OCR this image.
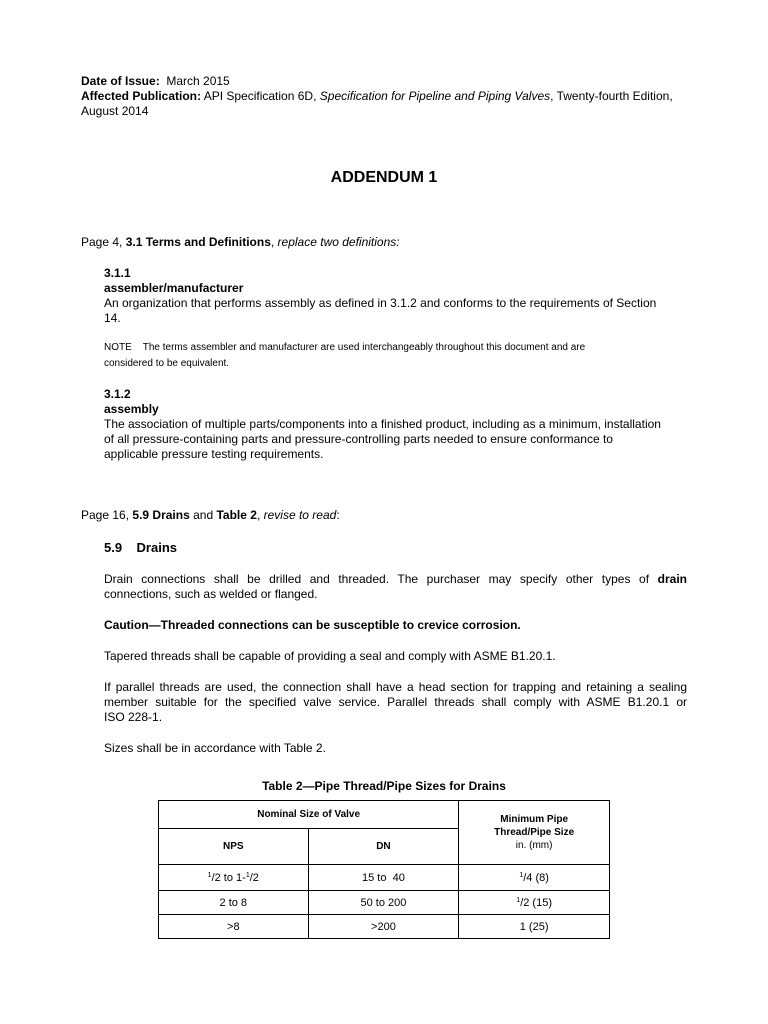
Date of Issue: March 2015
Affected Publication: API Specification 6D, Specification for Pipeline and Piping Valves, Twenty-fourth Edition,
August 2014
ADDENDUM 1
Page 4, 3.1 Terms and Definitions, replace two definitions:
3.1.1
assembler/manufacturer
An organization that performs assembly as defined in 3.1.2 and conforms to the requirements of Section
14.
NOTE The terms assembler and manufacturer are used interchangeably throughout this document and are
considered to be equivalent.
3.1.2
assembly
The association of multiple parts/components into a finished product, including as a minimum, installation
of all pressure-containing parts and pressure-controlling parts needed to ensure conformance to
applicable pressure testing requirements.
Page 16, 5.9 Drains and Table 2, revise to read:
5.9 Drains
Drain connections shall be drilled and threaded. The purchaser may specify other types of drain
connections, such as welded or flanged.
Caution—Threaded connections can be susceptible to crevice corrosion.
Tapered threads shall be capable of providing a seal and comply with ASME B1.20.1.
If parallel threads are used, the connection shall have a head section for trapping and retaining a sealing
member suitable for the specified valve service. Parallel threads shall comply with ASME B1.20.1 or
ISO 228-1.
Sizes shall be in accordance with Table 2.
Table 2—Pipe Thread/Pipe Sizes for Drains
Nominal Size of Valve		Minimum Pipe
Thread/Pipe Size
in. (mm)
NPS	DN	
$^1$/2 to 1-$^1$/2	15 to  40	$^1$/4 (8)
2 to 8	50 to 200	$^1$/2 (15)
>8	>200	1 (25)
